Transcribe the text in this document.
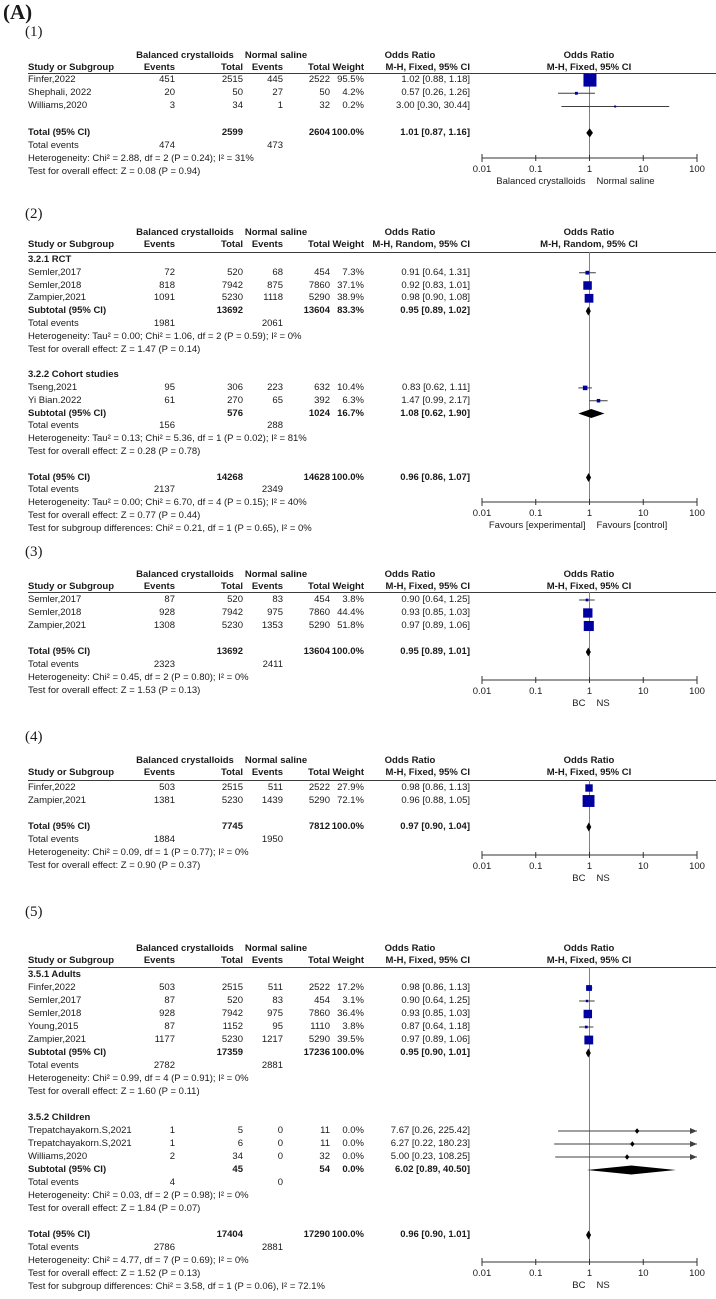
(A)
(1)
Balanced crystalloids	Normal saline	Odds Ratio	Odds Ratio
Study or Subgroup	Events	Total Events	Total Weight	M-H, Fixed, 95% CI	M-H, Fixed, 95% CI
0.01	0.1	1	10	100
Balanced crystalloids Normal saline
Finfer,2022	451	2515	445	2522 95.5%	1.02 [0.88, 1.18]
Shephali, 2022	20	50	27	50	4.2%	0.57 [0.26, 1.26]
Williams,2020	3	34	1	32	0.2%	3.00 [0.30, 30.44]
Total (95% CI)	2599	2604 100.0%	1.01 [0.87, 1.16]
Total events	474	473
Heterogeneity: Chi² = 2.88, df = 2 (P = 0.24); I² = 31%
Test for overall effect: Z = 0.08 (P = 0.94)
(2)
Balanced crystalloids	Normal saline	Odds Ratio	Odds Ratio
Study or Subgroup	Events	Total Events	Total Weight M-H, Random, 95% CI	M-H, Random, 95% CI
0.01	0.1	1	10	100
Favours [experimental] Favours [control]
3.2.1 RCT
Semler,2017	72	520	68	454	7.3%	0.91 [0.64, 1.31]
Semler,2018	818	7942	875	7860 37.1%	0.92 [0.83, 1.01]
Zampier,2021	1091	5230	1118	5290 38.9%	0.98 [0.90, 1.08]
Subtotal (95% CI)	13692	13604 83.3%	0.95 [0.89, 1.02]
Total events	1981	2061
Heterogeneity: Tau² = 0.00; Chi² = 1.06, df = 2 (P = 0.59); I² = 0%
Test for overall effect: Z = 1.47 (P = 0.14)
3.2.2 Cohort studies
Tseng,2021	95	306	223	632 10.4%	0.83 [0.62, 1.11]
Yi Bian.2022	61	270	65	392	6.3%	1.47 [0.99, 2.17]
Subtotal (95% CI)	576	1024 16.7%	1.08 [0.62, 1.90]
Total events	156	288
Heterogeneity: Tau² = 0.13; Chi² = 5.36, df = 1 (P = 0.02); I² = 81%
Test for overall effect: Z = 0.28 (P = 0.78)
Total (95% CI)	14268	14628 100.0%	0.96 [0.86, 1.07]
Total events	2137	2349
Heterogeneity: Tau² = 0.00; Chi² = 6.70, df = 4 (P = 0.15); I² = 40%
Test for overall effect: Z = 0.77 (P = 0.44)
Test for subgroup differences: Chi² = 0.21, df = 1 (P = 0.65), I² = 0%
(3)
Balanced crystalloids	Normal saline	Odds Ratio	Odds Ratio
Study or Subgroup	Events	Total Events	Total Weight	M-H, Fixed, 95% CI	M-H, Fixed, 95% CI
0.01	0.1	1	10	100
BC NS
Semler,2017	87	520	83	454	3.8%	0.90 [0.64, 1.25]
Semler,2018	928	7942	975	7860 44.4%	0.93 [0.85, 1.03]
Zampier,2021	1308	5230	1353	5290 51.8%	0.97 [0.89, 1.06]
Total (95% CI)	13692	13604 100.0%	0.95 [0.89, 1.01]
Total events	2323	2411
Heterogeneity: Chi² = 0.45, df = 2 (P = 0.80); I² = 0%
Test for overall effect: Z = 1.53 (P = 0.13)
(4)
Balanced crystalloids	Normal saline	Odds Ratio	Odds Ratio
Study or Subgroup	Events	Total Events	Total Weight	M-H, Fixed, 95% CI	M-H, Fixed, 95% CI
0.01	0.1	1	10	100
BC NS
Finfer,2022	503	2515	511	2522 27.9%	0.98 [0.86, 1.13]
Zampier,2021	1381	5230	1439	5290 72.1%	0.96 [0.88, 1.05]
Total (95% CI)	7745	7812 100.0%	0.97 [0.90, 1.04]
Total events	1884	1950
Heterogeneity: Chi² = 0.09, df = 1 (P = 0.77); I² = 0%
Test for overall effect: Z = 0.90 (P = 0.37)
(5)
Balanced crystalloids	Normal saline	Odds Ratio	Odds Ratio
Study or Subgroup	Events	Total Events	Total Weight	M-H, Fixed, 95% CI	M-H, Fixed, 95% CI
0.01	0.1	1	10	100
BC NS
3.5.1 Adults
Finfer,2022	503	2515	511	2522 17.2%	0.98 [0.86, 1.13]
Semler,2017	87	520	83	454	3.1%	0.90 [0.64, 1.25]
Semler,2018	928	7942	975	7860 36.4%	0.93 [0.85, 1.03]
Young,2015	87	1152	95	1110	3.8%	0.87 [0.64, 1.18]
Zampier,2021	1177	5230	1217	5290 39.5%	0.97 [0.89, 1.06]
Subtotal (95% CI)	17359	17236 100.0%	0.95 [0.90, 1.01]
Total events	2782	2881
Heterogeneity: Chi² = 0.99, df = 4 (P = 0.91); I² = 0%
Test for overall effect: Z = 1.60 (P = 0.11)
3.5.2 Children
Trepatchayakorn.S,2021	1	5	0	11	0.0%	7.67 [0.26, 225.42]
Trepatchayakorn.S,2021	1	6	0	11	0.0%	6.27 [0.22, 180.23]
Williams,2020	2	34	0	32	0.0%	5.00 [0.23, 108.25]
Subtotal (95% CI)	45	54	0.0%	6.02 [0.89, 40.50]
Total events	4	0
Heterogeneity: Chi² = 0.03, df = 2 (P = 0.98); I² = 0%
Test for overall effect: Z = 1.84 (P = 0.07)
Total (95% CI)	17404	17290 100.0%	0.96 [0.90, 1.01]
Total events	2786	2881
Heterogeneity: Chi² = 4.77, df = 7 (P = 0.69); I² = 0%
Test for overall effect: Z = 1.52 (P = 0.13)
Test for subgroup differences: Chi² = 3.58, df = 1 (P = 0.06), I² = 72.1%
